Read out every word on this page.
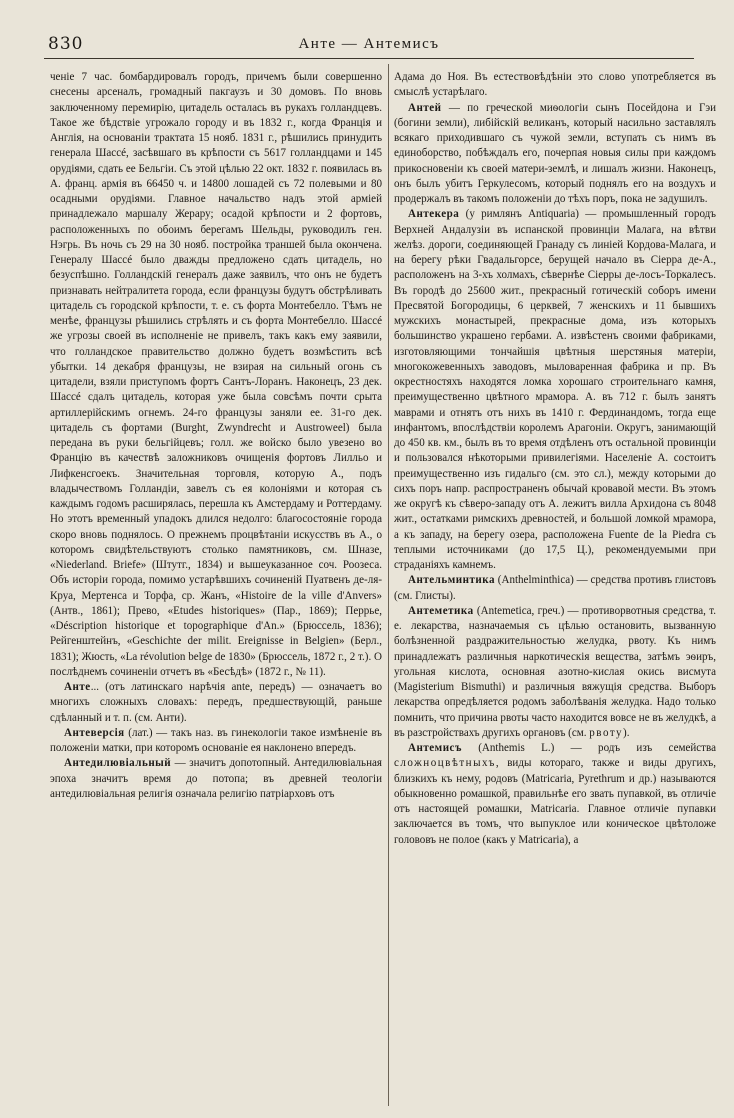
830	Анте — Антемисъ

ченіе 7 час. бомбардировалъ городъ, причемъ были совершенно снесены арсеналъ, громадный пакгаузъ и 30 домовъ. По вновь заключенному перемирію, цитадель осталась въ рукахъ голландцевъ. Такое же бѣдствіе угрожало городу и въ 1832 г., когда Франція и Англія, на основаніи трактата 15 нояб. 1831 г., рѣшились принудить генерала Шассé, засѣвшаго въ крѣпости съ 5617 голландцами и 145 орудіями, сдать ее Бельгіи. Съ этой цѣлью 22 окт. 1832 г. появилась въ А. франц. армія въ 66450 ч. и 14800 лошадей съ 72 полевыми и 80 осадными орудіями. Главное начальство надъ этой арміей принадлежало маршалу Жерару; осадой крѣпости и 2 фортовъ, расположенныхъ по обоимъ берегамъ Шельды, руководилъ ген. Нэгрь. Въ ночь съ 29 на 30 нояб. постройка траншей была окончена. Генералу Шассé было дважды предложено сдать цитадель, но безуспѣшно. Голландскій генералъ даже заявилъ, что онъ не будетъ признавать нейтралитета города, если французы будутъ обстрѣливать цитадель съ городской крѣпости, т. е. съ форта Монтебелло. Тѣмъ не менѣе, французы рѣшились стрѣлять и съ форта Монтебелло. Шассé же угрозы своей въ исполненіе не привелъ, такъ какъ ему заявили, что голландское правительство должно будетъ возмѣстить всѣ убытки. 14 декабря французы, не взирая на сильный огонь съ цитадели, взяли приступомъ фортъ Сантъ-Лоранъ. Наконецъ, 23 дек. Шассé сдалъ цитадель, которая уже была совсѣмъ почти срыта артиллерійскимъ огнемъ. 24-го французы заняли ее. 31-го дек. цитадель съ фортами (Burght, Zwyndrecht и Austroweel) была передана въ руки бельгійцевъ; голл. же войско было увезено во Францію въ качествѣ заложниковъ очищенія фортовъ Лилльо и Лифкенсгоекъ. Значительная торговля, которую А., подъ владычествомъ Голландіи, завелъ съ ея колоніями и которая съ каждымъ годомъ расширялась, перешла къ Амстердаму и Роттердаму. Но этотъ временный упадокъ длился недолго: благосостояніе города скоро вновь поднялось. О прежнемъ процвѣтаніи искусствъ въ А., о которомъ свидѣтельствуютъ столько памятниковъ, см. Шназе, «Niederland. Briefe» (Штутг., 1834) и вышеуказанное соч. Роозеса. Объ исторіи города, помимо устарѣвшихъ сочиненій Пуатвенъ де-ля-Круа, Мертенса и Торфа, ср. Жанъ, «Histoire de la ville d'Anvers» (Антв., 1861); Прево, «Etudes historiques» (Пар., 1869); Перрье, «Déscription historique et topographique d'An.» (Брюссель, 1836); Рейгенштейнъ, «Geschichte der milit. Ereignisse in Belgien» (Берл., 1831); Жюсть, «La révolution belge de 1830» (Брюссель, 1872 г., 2 т.). О послѣднемъ сочиненіи отчетъ въ «Бесѣдѣ» (1872 г., № 11).

Анте... (отъ латинскаго нарѣчія ante, передъ) — означаетъ во многихъ сложныхъ словахъ: передъ, предшествующій, раньше сдѣланный и т. п. (см. Анти).

Антеверсія (лат.) — такъ наз. въ гинекологіи такое измѣненіе въ положеніи матки, при которомъ основаніе ея наклонено впередъ.

Антедилювіальный — значитъ допотопный. Антедилювіальная эпоха значитъ время до потопа; въ древней теологіи антедилювіальная религія означала религію патріарховъ отъ

Адама до Ноя. Въ естествовѣдѣніи это слово употребляется въ смыслѣ устарѣлаго.

Антей — по греческой миѳологіи сынъ Посейдона и Гэи (богини земли), либійскій великанъ, который насильно заставлялъ всякаго приходившаго съ чужой земли, вступать съ нимъ въ единоборство, побѣждалъ его, почерпая новыя силы при каждомъ прикосновеніи къ своей матери-землѣ, и лишалъ жизни. Наконецъ, онъ былъ убитъ Геркулесомъ, который поднялъ его на воздухъ и продержалъ въ такомъ положеніи до тѣхъ поръ, пока не задушилъ.

Антекера (у римлянъ Antiquaria) — промышленный городъ Верхней Андалузіи въ испанской провинціи Малага, на вѣтви желѣз. дороги, соединяющей Гранаду съ линіей Кордова-Малага, и на берегу рѣки Гвадальгорсе, берущей начало въ Сіерра де-А., расположенъ на 3-хъ холмахъ, сѣвернѣе Сіерры де-лосъ-Торкалесъ. Въ городѣ до 25600 жит., прекрасный готическій соборъ имени Пресвятой Богородицы, 6 церквей, 7 женскихъ и 11 бывшихъ мужскихъ монастырей, прекрасные дома, изъ которыхъ большинство украшено гербами. А. извѣстенъ своими фабриками, изготовляющими тончайшія цвѣтныя шерстяныя матеріи, многокожевенныхъ заводовъ, мыловаренная фабрика и пр. Въ окрестностяхъ находятся ломка хорошаго строительнаго камня, преимущественно цвѣтного мрамора. А. въ 712 г. былъ занятъ маврами и отнятъ отъ нихъ въ 1410 г. Фердинандомъ, тогда еще инфантомъ, впослѣдствіи королемъ Арагоніи. Округъ, занимающій до 450 кв. км., былъ въ то время отдѣленъ отъ остальной провинціи и пользовался нѣкоторыми привилегіями. Населеніе А. состоитъ преимущественно изъ гидальго (см. это сл.), между которыми до сихъ поръ напр. распространенъ обычай кровавой мести. Въ этомъ же округѣ къ сѣверо-западу отъ А. лежитъ вилла Архидона съ 8048 жит., остатками римскихъ древностей, и большой ломкой мрамора, а къ западу, на берегу озера, расположена Fuente de la Piedra съ теплыми источниками (до 17,5 Ц.), рекомендуемыми при страданіяхъ камнемъ.

Антельминтика (Anthelminthica) — средства противъ глистовъ (см. Глисты).

Антеметика (Antemetica, греч.) — противорвотныя средства, т. е. лекарства, назначаемыя съ цѣлью остановить, вызванную болѣзненной раздражительностью желудка, рвоту. Къ нимъ принадлежатъ различныя наркотическія вещества, затѣмъ эѳиръ, угольная кислота, основная азотно-кислая окись висмута (Magisterium Bismuthi) и различныя вяжущія средства. Выборъ лекарства опредѣляется родомъ заболѣванія желудка. Надо только помнить, что причина рвоты часто находится вовсе не въ желудкѣ, а въ разстройствахъ другихъ органовъ (см. рвоту).

Антемисъ (Anthemis L.) — родъ изъ семейства сложноцвѣтныхъ, виды котораго, также и виды другихъ, близкихъ къ нему, родовъ (Matricaria, Pyrethrum и др.) называются обыкновенно ромашкой, правильнѣе его звать пупавкой, въ отличіе отъ настоящей ромашки, Matricaria. Главное отличіе пупавки заключается въ томъ, что выпуклое или коническое цвѣтоложе голововъ не полое (какъ у Matricaria), а
